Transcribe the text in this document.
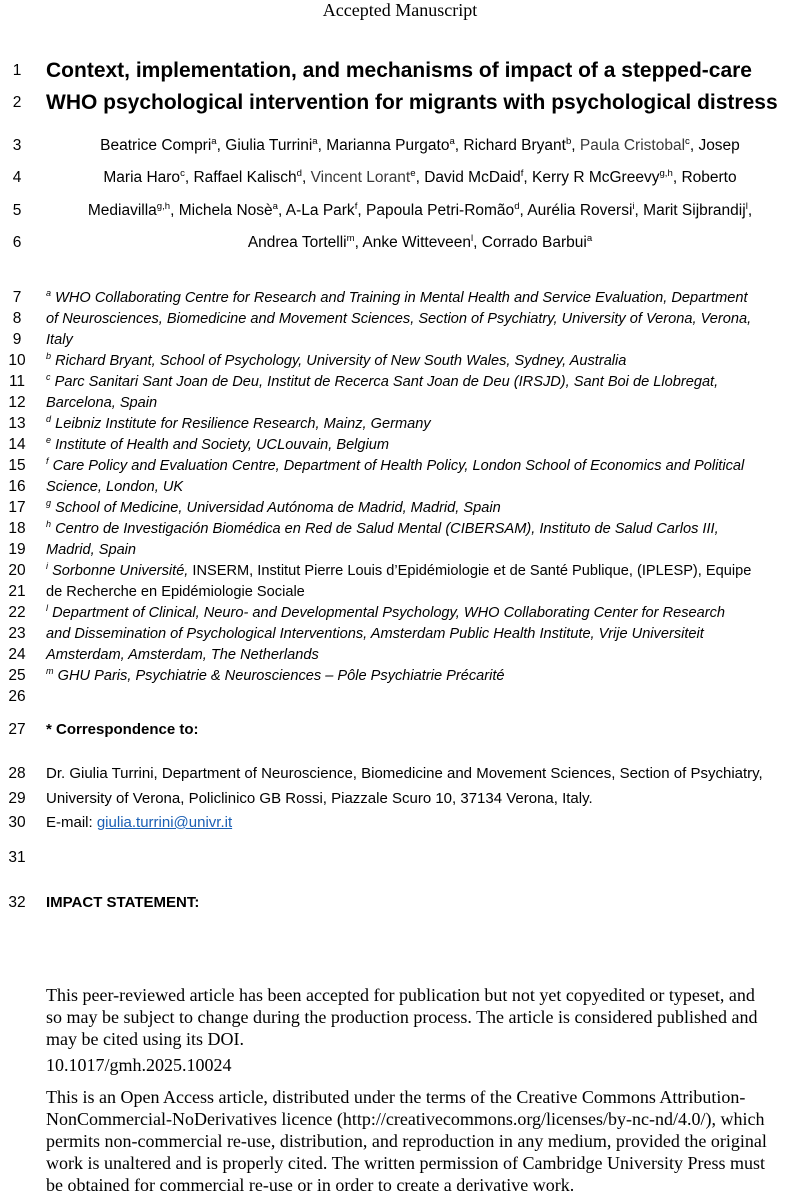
Accepted Manuscript
1
2
3
4
5
6
7
8
9
10
11
12
13
14
15
16
17
18
19
20
21
22
23
24
25
26
27
28
29
30
31
32
Context, implementation, and mechanisms of impact of a stepped-care
WHO psychological intervention for migrants with psychological distress
Beatrice Compri$^a$, Giulia Turrini$^a$, Marianna Purgato$^a$, Richard Bryant$^b$, Paula Cristobal$^c$, Josep
Maria Haro$^c$, Raffael Kalisch$^d$, Vincent Lorant$^e$, David McDaid$^f$, Kerry R McGreevy$^{g,h}$, Roberto
Mediavilla$^{g,h}$, Michela Nosè$^a$, A-La Park$^f$, Papoula Petri-Romão$^d$, Aurélia Roversi$^i$, Marit Sijbrandij$^l$,
Andrea Tortelli$^m$, Anke Witteveen$^l$, Corrado Barbui$^a$
$^a$ WHO Collaborating Centre for Research and Training in Mental Health and Service Evaluation, Department
of Neurosciences, Biomedicine and Movement Sciences, Section of Psychiatry, University of Verona, Verona,
Italy
$^b$ Richard Bryant, School of Psychology, University of New South Wales, Sydney, Australia
$^c$ Parc Sanitari Sant Joan de Deu, Institut de Recerca Sant Joan de Deu (IRSJD), Sant Boi de Llobregat,
Barcelona, Spain
$^d$ Leibniz Institute for Resilience Research, Mainz, Germany
$^e$ Institute of Health and Society, UCLouvain, Belgium
$^f$ Care Policy and Evaluation Centre, Department of Health Policy, London School of Economics and Political
Science, London, UK
$^g$ School of Medicine, Universidad Autónoma de Madrid, Madrid, Spain
$^h$ Centro de Investigación Biomédica en Red de Salud Mental (CIBERSAM), Instituto de Salud Carlos III,
Madrid, Spain
$^i$ Sorbonne Université, INSERM, Institut Pierre Louis d’Epidémiologie et de Santé Publique, (IPLESP), Equipe
de Recherche en Epidémiologie Sociale
$^l$ Department of Clinical, Neuro- and Developmental Psychology, WHO Collaborating Center for Research
and Dissemination of Psychological Interventions, Amsterdam Public Health Institute, Vrije Universiteit
Amsterdam, Amsterdam, The Netherlands
$^m$ GHU Paris, Psychiatrie & Neurosciences – Pôle Psychiatrie Précarité
* Correspondence to:
Dr. Giulia Turrini, Department of Neuroscience, Biomedicine and Movement Sciences, Section of Psychiatry,
University of Verona, Policlinico GB Rossi, Piazzale Scuro 10, 37134 Verona, Italy.
E-mail: giulia.turrini@univr.it
IMPACT STATEMENT:
This peer-reviewed article has been accepted for publication but not yet copyedited or typeset, and
so may be subject to change during the production process. The article is considered published and
may be cited using its DOI.
10.1017/gmh.2025.10024
This is an Open Access article, distributed under the terms of the Creative Commons Attribution-
NonCommercial-NoDerivatives licence (http://creativecommons.org/licenses/by-nc-nd/4.0/), which
permits non-commercial re-use, distribution, and reproduction in any medium, provided the original
work is unaltered and is properly cited. The written permission of Cambridge University Press must
be obtained for commercial re-use or in order to create a derivative work.
